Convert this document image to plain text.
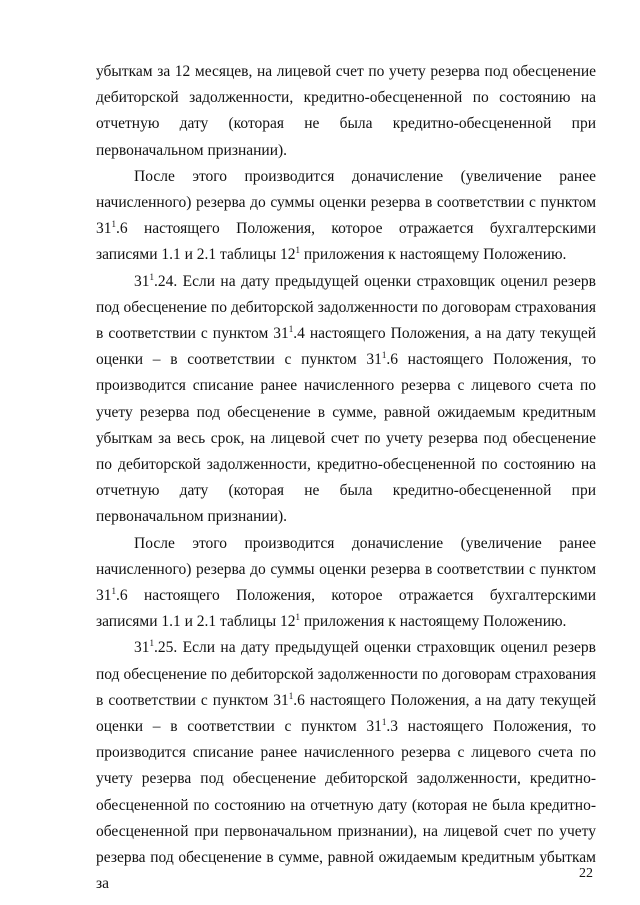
убыткам за 12 месяцев, на лицевой счет по учету резерва под обесценение дебиторской задолженности, кредитно-обесцененной по состоянию на отчетную дату (которая не была кредитно-обесцененной при первоначальном признании).

После этого производится доначисление (увеличение ранее начисленного) резерва до суммы оценки резерва в соответствии с пунктом $31^1.6$ настоящего Положения, которое отражается бухгалтерскими записями 1.1 и 2.1 таблицы $12^1$ приложения к настоящему Положению.

$31^1.24$. Если на дату предыдущей оценки страховщик оценил резерв под обесценение по дебиторской задолженности по договорам страхования в соответствии с пунктом $31^1.4$ настоящего Положения, а на дату текущей оценки – в соответствии с пунктом $31^1.6$ настоящего Положения, то производится списание ранее начисленного резерва с лицевого счета по учету резерва под обесценение в сумме, равной ожидаемым кредитным убыткам за весь срок, на лицевой счет по учету резерва под обесценение по дебиторской задолженности, кредитно-обесцененной по состоянию на отчетную дату (которая не была кредитно-обесцененной при первоначальном признании).

После этого производится доначисление (увеличение ранее начисленного) резерва до суммы оценки резерва в соответствии с пунктом $31^1.6$ настоящего Положения, которое отражается бухгалтерскими записями 1.1 и 2.1 таблицы $12^1$ приложения к настоящему Положению.

$31^1.25$. Если на дату предыдущей оценки страховщик оценил резерв под обесценение по дебиторской задолженности по договорам страхования в соответствии с пунктом $31^1.6$ настоящего Положения, а на дату текущей оценки – в соответствии с пунктом $31^1.3$ настоящего Положения, то производится списание ранее начисленного резерва с лицевого счета по учету резерва под обесценение дебиторской задолженности, кредитно-обесцененной по состоянию на отчетную дату (которая не была кредитно-обесцененной при первоначальном признании), на лицевой счет по учету резерва под обесценение в сумме, равной ожидаемым кредитным убыткам за

22
